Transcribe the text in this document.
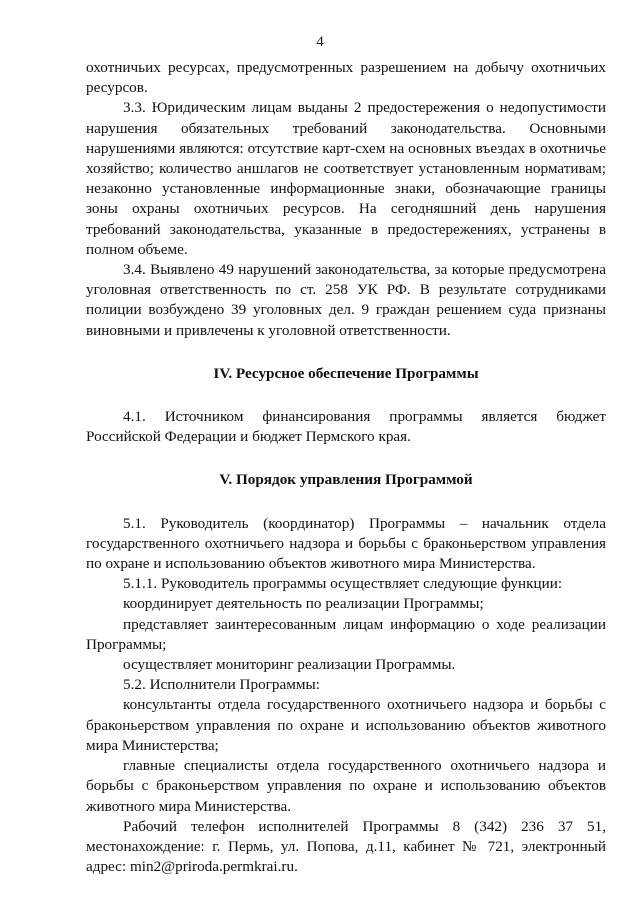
4

охотничьих ресурсах, предусмотренных разрешением на добычу охотничьих ресурсов.

3.3. Юридическим лицам выданы 2 предостережения о недопустимости нарушения обязательных требований законодательства. Основными нарушениями являются: отсутствие карт-схем на основных въездах в охотничье хозяйство; количество аншлагов не соответствует установленным нормативам; незаконно установленные информационные знаки, обозначающие границы зоны охраны охотничьих ресурсов. На сегодняшний день нарушения требований законодательства, указанные в предостережениях, устранены в полном объеме.

3.4. Выявлено 49 нарушений законодательства, за которые предусмотрена уголовная ответственность по ст. 258 УК РФ. В результате сотрудниками полиции возбуждено 39 уголовных дел. 9 граждан решением суда признаны виновными и привлечены к уголовной ответственности.

IV. Ресурсное обеспечение Программы

4.1. Источником финансирования программы является бюджет Российской Федерации и бюджет Пермского края.

V. Порядок управления Программой

5.1. Руководитель (координатор) Программы – начальник отдела государственного охотничьего надзора и борьбы с браконьерством управления по охране и использованию объектов животного мира Министерства.

5.1.1. Руководитель программы осуществляет следующие функции:

координирует деятельность по реализации Программы;

представляет заинтересованным лицам информацию о ходе реализации Программы;

осуществляет мониторинг реализации Программы.

5.2. Исполнители Программы:

консультанты отдела государственного охотничьего надзора и борьбы с браконьерством управления по охране и использованию объектов животного мира Министерства;

главные специалисты отдела государственного охотничьего надзора и борьбы с браконьерством управления по охране и использованию объектов животного мира Министерства.

Рабочий телефон исполнителей Программы 8 (342) 236 37 51, местонахождение: г. Пермь, ул. Попова, д.11, кабинет № 721, электронный адрес: min2@priroda.permkrai.ru.
